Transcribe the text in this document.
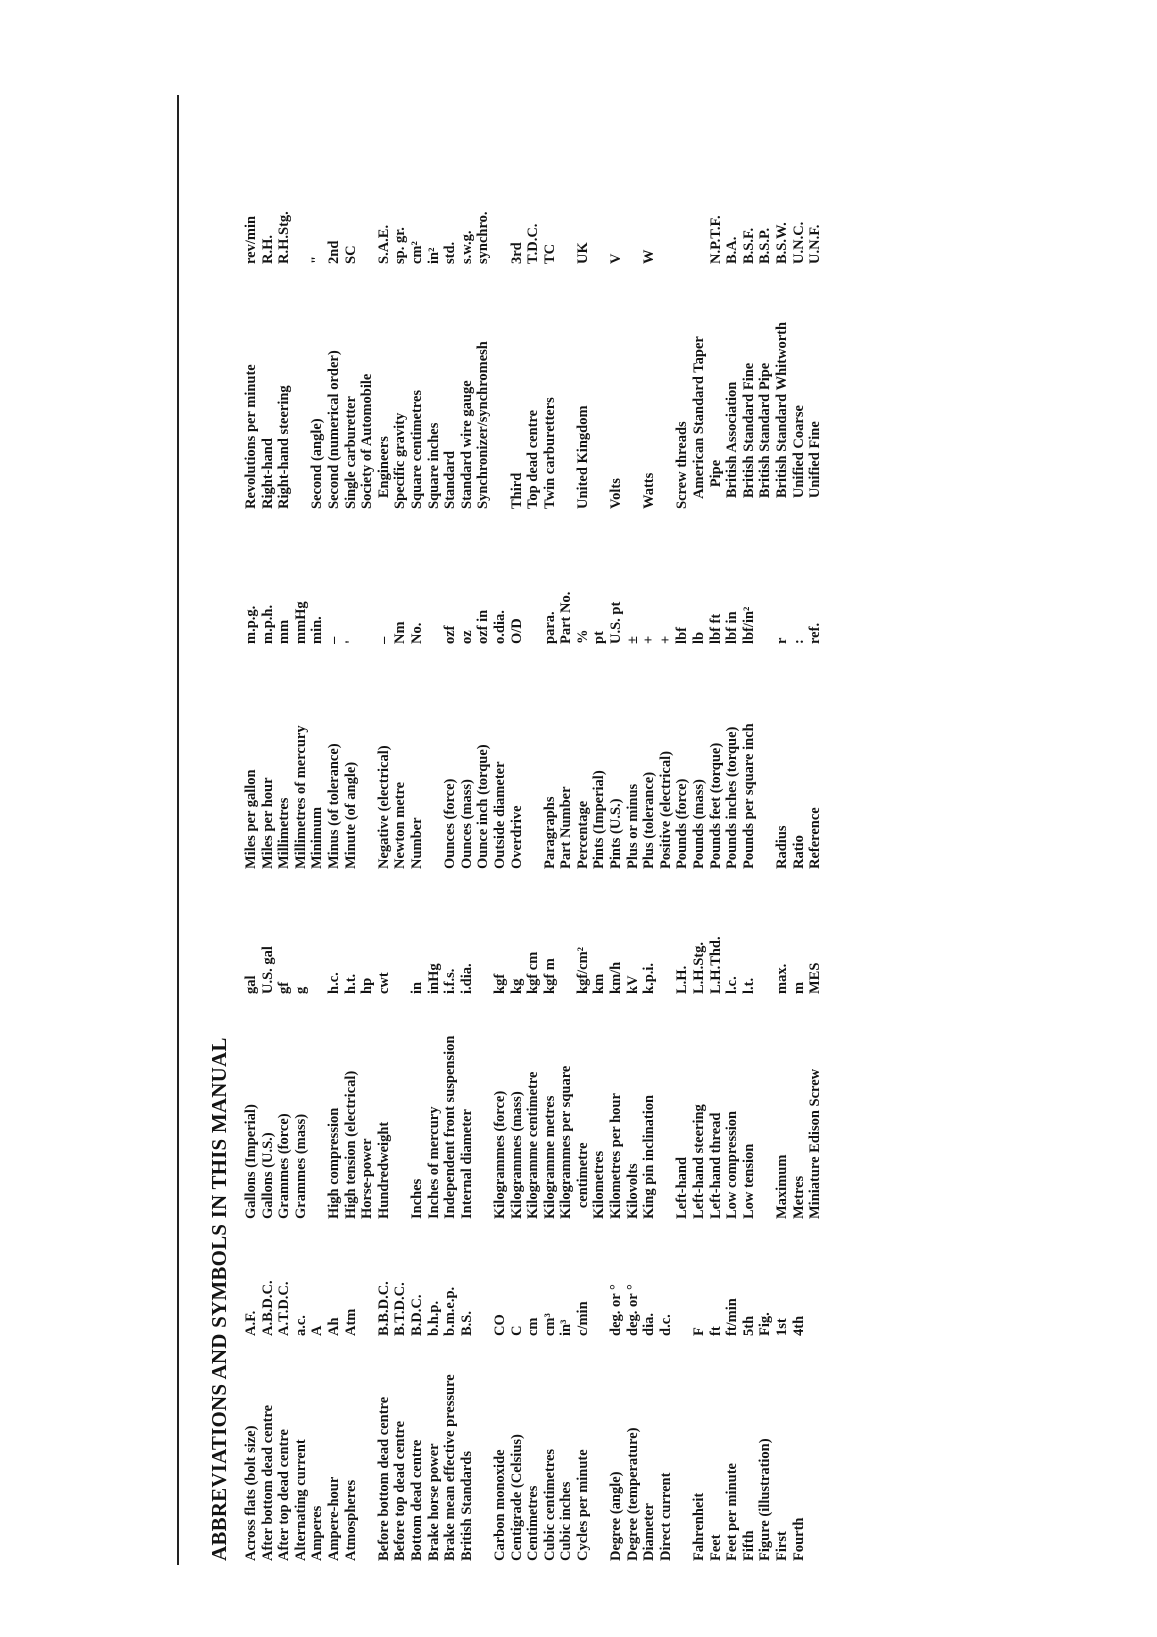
ABBREVIATIONS AND SYMBOLS IN THIS MANUAL Across flats (bolt size)
A.F.
After bottom dead centre
A.B.D.C.
After top dead centre
A.T.D.C.
Alternating current
a.c.
Amperes
A
Ampere-hour
Ah
Atmospheres
Atm
Before bottom dead centre
B.B.D.C.
Before top dead centre
B.T.D.C.
Bottom dead centre
B.D.C.
Brake horse power
b.h.p.
Brake mean effective pressure
b.m.e.p.
British Standards
B.S.
Carbon monoxide
CO
Centigrade (Celsius)
C
Centimetres
cm
Cubic centimetres
cm³
Cubic inches
in³
Cycles per minute
c/min
Degree (angle)
deg. or °
Degree (temperature)
deg. or °
Diameter
dia.
Direct current
d.c.
Fahrenheit
F
Feet
ft
Feet per minute
ft/min
Fifth
5th
Figure (illustration)
Fig.
First
1st
Fourth
4th
Gallons (Imperial)
gal
Gallons (U.S.)
U.S. gal
Grammes (force)
gf
Grammes (mass)
g
High compression
h.c.
High tension (electrical)
h.t.
Horse-power
hp
Hundredweight
cwt
Inches
in
Inches of mercury
inHg
Independent front suspension
i.f.s.
Internal diameter
i.dia.
Kilogrammes (force)
kgf
Kilogrammes (mass)
kg
Kilogramme centimetre
kgf cm
Kilogramme metres
kgf m
Kilogrammes per square centimetre
kgf/cm²
Kilometres
km
Kilometres per hour
km/h
Kilovolts
kV
King pin inclination
k.p.i.
Left-hand
L.H.
Left-hand steering
L.H.Stg.
Left-hand thread
L.H.Thd.
Low compression
l.c.
Low tension
l.t.
Maximum
max.
Metres
m
Miniature Edison Screw
MES
Miles per gallon
m.p.g.
Miles per hour
m.p.h.
Millimetres
mm
Millimetres of mercury
mmHg
Minimum
min.
Minus (of tolerance)
–
Minute (of angle)
'
Negative (electrical)
–
Newton metre
Nm
Number
No.
Ounces (force)
ozf
Ounces (mass)
oz
Ounce inch (torque)
ozf in
Outside diameter
o.dia.
Overdrive
O/D
Paragraphs
para.
Part Number
Part No.
Percentage
%
Pints (Imperial)
pt
Pints (U.S.)
U.S. pt
Plus or minus
±
Plus (tolerance)
+
Positive (electrical)
+
Pounds (force)
lbf
Pounds (mass)
lb
Pounds feet (torque)
lbf ft
Pounds inches (torque)
lbf in
Pounds per square inch
lbf/in²
Radius
r
Ratio
:
Reference
ref.
Revolutions per minute
rev/min
Right-hand
R.H.
Right-hand steering
R.H.Stg.
Second (angle)
"
Second (numerical order)
2nd
Single carburetter
SC
Society of Automobile Engineers
S.A.E.
Specific gravity
sp. gr.
Square centimetres
cm²
Square inches
in²
Standard
std.
Standard wire gauge
s.w.g.
Synchronizer/synchromesh
synchro.
Third
3rd
Top dead centre
T.D.C.
Twin carburetters
TC
United Kingdom
UK
Volts
V
Watts
W
Screw threads American Standard Taper Pipe
N.P.T.F.
British Association
B.A.
British Standard Fine
B.S.F.
British Standard Pipe
B.S.P.
British Standard Whitworth
B.S.W.
Unified Coarse
U.N.C.
Unified Fine
U.N.F.
